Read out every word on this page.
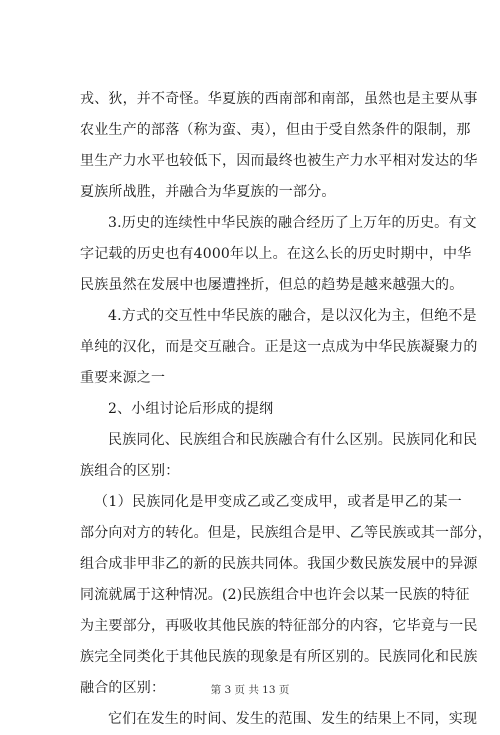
戎、狄，并不奇怪。华夏族的西南部和南部，虽然也是主要从事
农业生产的部落（称为蛮、夷），但由于受自然条件的限制，那
里生产力水平也较低下，因而最终也被生产力水平相对发达的华
夏族所战胜，并融合为华夏族的一部分。
3.历史的连续性中华民族的融合经历了上万年的历史。有文
字记载的历史也有4000年以上。在这么长的历史时期中，中华
民族虽然在发展中也屡遭挫折，但总的趋势是越来越强大的。
4.方式的交互性中华民族的融合，是以汉化为主，但绝不是
单纯的汉化，而是交互融合。正是这一点成为中华民族凝聚力的
重要来源之一
2、小组讨论后形成的提纲
民族同化、民族组合和民族融合有什么区别。民族同化和民
族组合的区别：
（1）民族同化是甲变成乙或乙变成甲，或者是甲乙的某一
部分向对方的转化。但是，民族组合是甲、乙等民族或其一部分，
组合成非甲非乙的新的民族共同体。我国少数民族发展中的异源
同流就属于这种情况。(2)民族组合中也许会以某一民族的特征
为主要部分，再吸收其他民族的特征部分的内容，它毕竟与一民
族完全同类化于其他民族的现象是有所区别的。民族同化和民族
融合的区别：
它们在发生的时间、发生的范围、发生的结果上不同，实现
第 3 页 共 13 页
